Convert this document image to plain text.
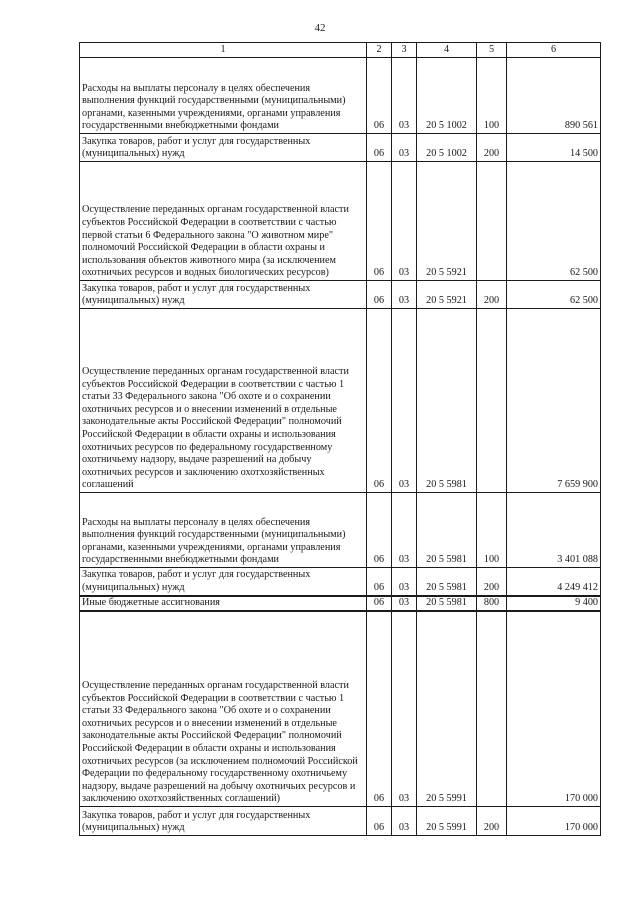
42
1	2	3	4	5	6
Расходы на выплаты персоналу в целях обеспечения выполнения функций государственными (муниципальными) органами, казенными учреждениями, органами управления государственными внебюджетными фондами	06	03	20 5 1002	100	890 561
Закупка товаров, работ и услуг для государственных (муниципальных) нужд	06	03	20 5 1002	200	14 500
Осуществление переданных органам государственной власти субъектов Российской Федерации в соответствии с частью первой статьи 6 Федерального закона "О животном мире" полномочий Российской Федерации в области охраны и использования объектов животного мира (за исключением охотничьих ресурсов и водных биологических ресурсов)	06	03	20 5 5921		62 500
Закупка товаров, работ и услуг для государственных (муниципальных) нужд	06	03	20 5 5921	200	62 500
Осуществление переданных органам государственной власти субъектов Российской Федерации в соответствии с частью 1 статьи 33 Федерального закона "Об охоте и о сохранении охотничьих ресурсов и о внесении изменений в отдельные законодательные акты Российской Федерации" полномочий Российской Федерации в области охраны и использования охотничьих ресурсов по федеральному государственному охотничьему надзору, выдаче разрешений на добычу охотничьих ресурсов и заключению охотхозяйственных соглашений	06	03	20 5 5981		7 659 900
Расходы на выплаты персоналу в целях обеспечения выполнения функций государственными (муниципальными) органами, казенными учреждениями, органами управления государственными внебюджетными фондами	06	03	20 5 5981	100	3 401 088
Закупка товаров, работ и услуг для государственных (муниципальных) нужд	06	03	20 5 5981	200	4 249 412
Иные бюджетные ассигнования	06	03	20 5 5981	800	9 400
Осуществление переданных органам государственной власти субъектов Российской Федерации в соответствии с частью 1 статьи 33 Федерального закона "Об охоте и о сохранении охотничьих ресурсов и о внесении изменений в отдельные законодательные акты Российской Федерации" полномочий Российской Федерации в области охраны и использования охотничьих ресурсов (за исключением полномочий Российской Федерации по федеральному государственному охотничьему надзору, выдаче разрешений на добычу охотничьих ресурсов и заключению охотхозяйственных соглашений)	06	03	20 5 5991		170 000
Закупка товаров, работ и услуг для государственных (муниципальных) нужд	06	03	20 5 5991	200	170 000
